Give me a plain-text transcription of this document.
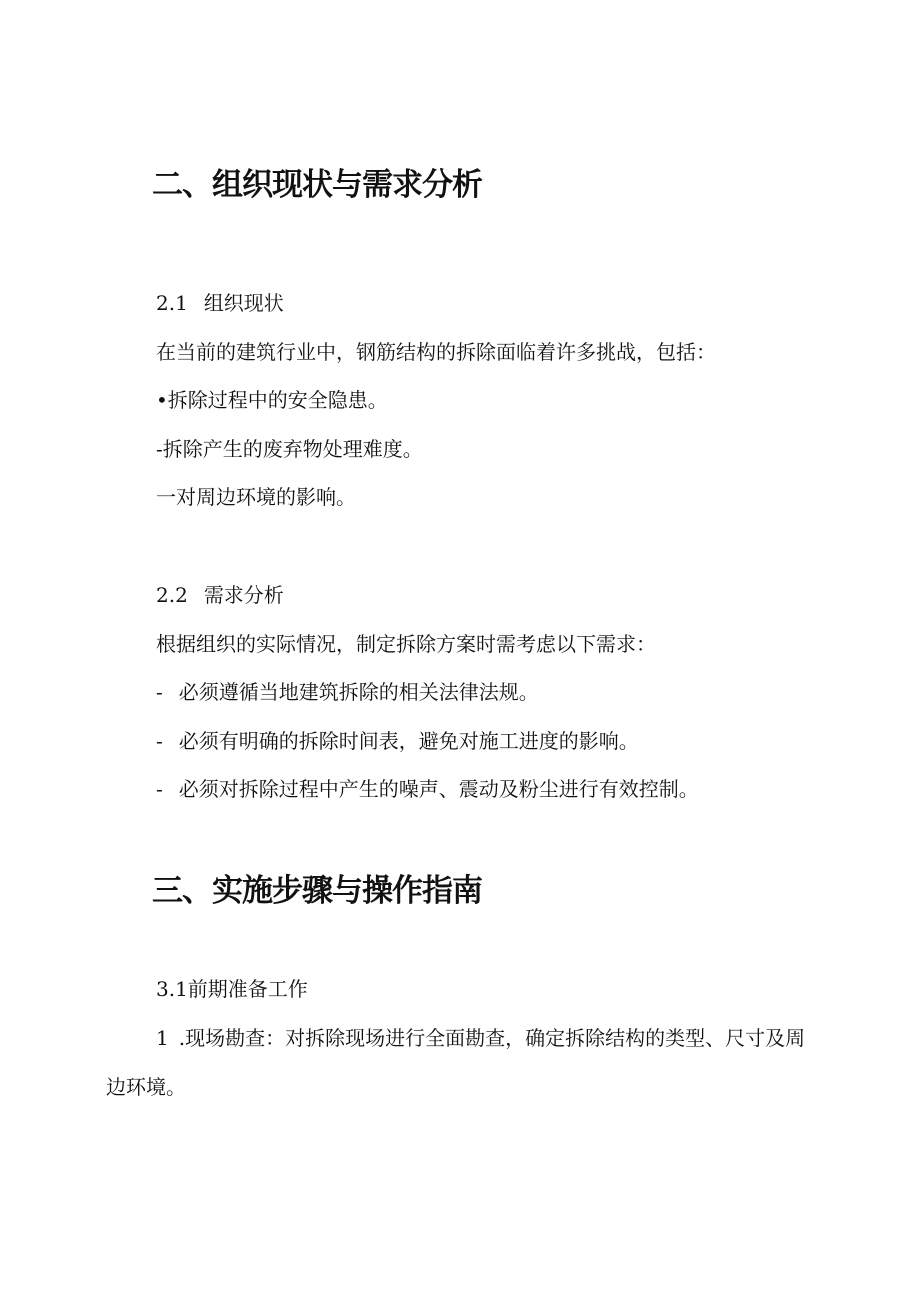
二、组织现状与需求分析
2.1 组织现状
在当前的建筑行业中，钢筋结构的拆除面临着许多挑战，包括：
•拆除过程中的安全隐患。
-拆除产生的废弃物处理难度。
一对周边环境的影响。
2.2 需求分析
根据组织的实际情况，制定拆除方案时需考虑以下需求：
- 必须遵循当地建筑拆除的相关法律法规。
- 必须有明确的拆除时间表，避免对施工进度的影响。
- 必须对拆除过程中产生的噪声、震动及粉尘进行有效控制。
三、实施步骤与操作指南
3.1前期准备工作

1 .现场勘查：对拆除现场进行全面勘查，确定拆除结构的类型、尺寸及周边环境。
